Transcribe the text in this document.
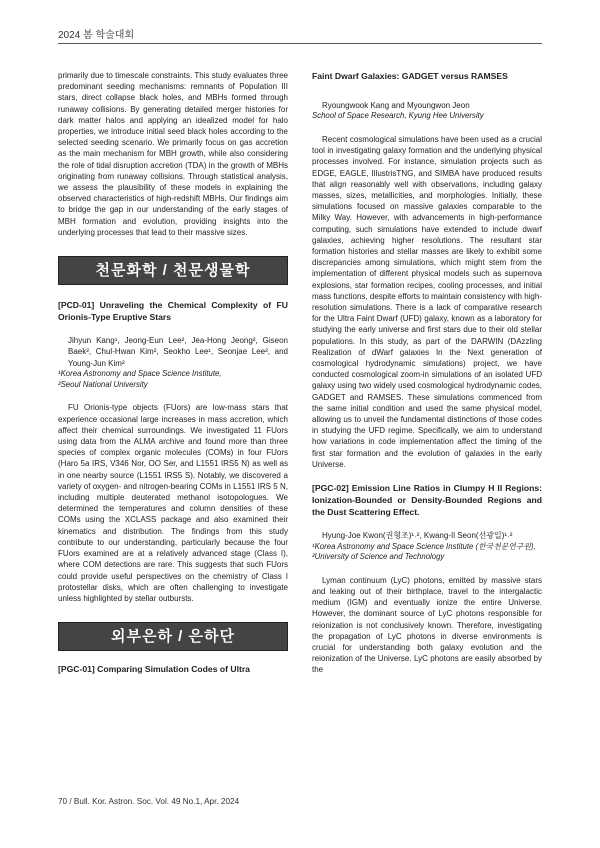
2024 봄 학술대회

primarily due to timescale constraints. This study evaluates three predominant seeding mechanisms: remnants of Population III stars, direct collapse black holes, and MBHs formed through runaway collisions. By generating detailed merger histories for dark matter halos and applying an idealized model for halo properties, we introduce initial seed black holes according to the selected seeding scenario. We primarily focus on gas accretion as the main mechanism for MBH growth, while also considering the role of tidal disruption accretion (TDA) in the growth of MBHs originating from runaway collisions. Through statistical analysis, we assess the plausibility of these models in explaining the observed characteristics of high-redshift MBHs. Our findings aim to bridge the gap in our understanding of the early stages of MBH formation and evolution, providing insights into the underlying processes that lead to their massive sizes.

천문화학 / 천문생물학

[PCD-01] Unraveling the Chemical Complexity of FU Orionis-Type Eruptive Stars

Jihyun Kang¹, Jeong-Eun Lee², Jea-Hong Jeong², Giseon Baek², Chul-Hwan Kim², Seokho Lee¹, Seonjae Lee², and Young-Jun Kim²

¹Korea Astronomy and Space Science Institute,

²Seoul National University

FU Orionis-type objects (FUors) are low-mass stars that experience occasional large increases in mass accretion, which affect their chemical surroundings. We investigated 11 FUors using data from the ALMA archive and found more than three species of complex organic molecules (COMs) in four FUors (Haro 5a IRS, V346 Nor, OO Ser, and L1551 IRS5 N) as well as in one nearby source (L1551 IRS5 S). Notably, we discovered a variety of oxygen- and nitrogen-bearing COMs in L1551 IRS 5 N, including multiple deuterated methanol isotopologues. We determined the temperatures and column densities of these COMs using the XCLASS package and also examined their kinematics and distribution. The findings from this study contribute to our understanding, particularly because the four FUors examined are at a relatively advanced stage (Class I), where COM detections are rare. This suggests that such FUors could provide useful perspectives on the chemistry of Class I protostellar disks, which are often challenging to investigate unless highlighted by stellar outbursts.

외부은하 / 은하단

[PGC-01] Comparing Simulation Codes of Ultra

Faint Dwarf Galaxies: GADGET versus RAMSES

Ryoungwook Kang and Myoungwon Jeon

School of Space Research, Kyung Hee University

Recent cosmological simulations have been used as a crucial tool in investigating galaxy formation and the underlying physical processes involved. For instance, simulation projects such as EDGE, EAGLE, IllustrisTNG, and SIMBA have produced results that align reasonably well with observations, including galaxy masses, sizes, metallicities, and morphologies. Initially, these simulations focused on massive galaxies comparable to the Milky Way. However, with advancements in high-performance computing, such simulations have extended to include dwarf galaxies, achieving higher resolutions. The resultant star formation histories and stellar masses are likely to exhibit some discrepancies among simulations, which might stem from the implementation of different physical models such as supernova explosions, star formation recipes, cooling processes, and initial mass functions, despite efforts to maintain consistency with high-resolution simulations. There is a lack of comparative research for the Ultra Faint Dwarf (UFD) galaxy, known as a laboratory for studying the early universe and first stars due to their old stellar populations. In this study, as part of the DARWIN (DAzzling Realization of dWarf galaxies In the Next generation of cosmological hydrodynamic simulations) project, we have conducted cosmological zoom-in simulations of an isolated UFD galaxy using two widely used cosmological hydrodynamic codes, GADGET and RAMSES. These simulations commenced from the same initial condition and used the same physical model, allowing us to unveil the fundamental distinctions of those codes in studying the UFD regime. Specifically, we aim to understand how variations in code implementation affect the timing of the first star formation and the evolution of galaxies in the early Universe.

[PGC-02] Emission Line Ratios in Clumpy H II Regions: Ionization-Bounded or Density-Bounded Regions and the Dust Scattering Effect.

Hyung-Joe Kwon(권형조)¹˒², Kwang-Il Seon(선광일)¹˒²

¹Korea Astronomy and Space Science Institute (한국천문연구원),

²University of Science and Technology

Lyman continuum (LyC) photons, emitted by massive stars and leaking out of their birthplace, travel to the intergalactic medium (IGM) and eventually ionize the entire Universe. However, the dominant source of LyC photons responsible for reionization is not conclusively known. Therefore, investigating the propagation of LyC photons in diverse environments is crucial for understanding both galaxy evolution and the reionization of the Universe. LyC photons are easily absorbed by the

70 / Bull. Kor. Astron. Soc. Vol. 49 No.1, Apr. 2024
